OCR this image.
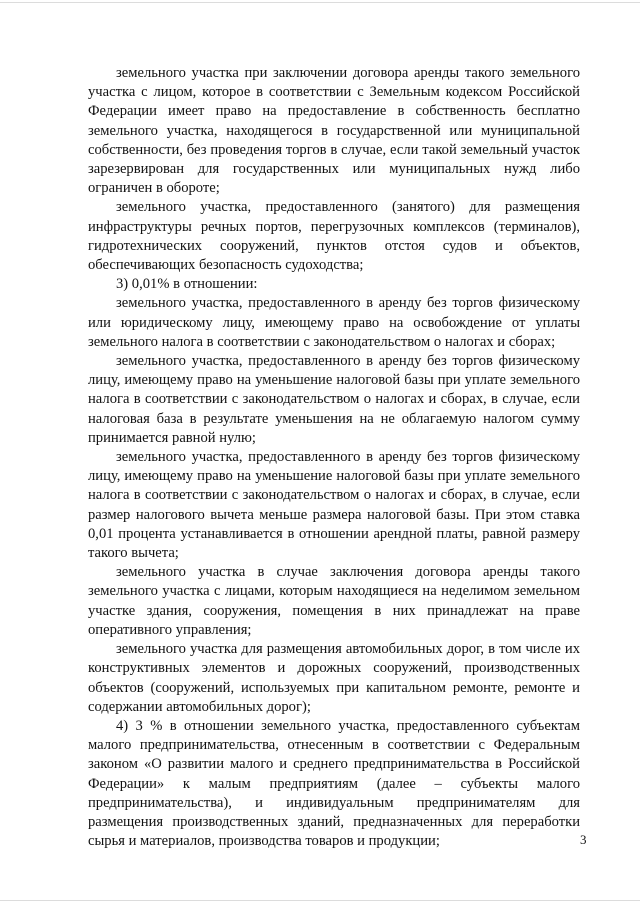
земельного участка при заключении договора аренды такого земельного участка с лицом, которое в соответствии с Земельным кодексом Российской Федерации имеет право на предоставление в собственность бесплатно земельного участка, находящегося в государственной или муниципальной собственности, без проведения торгов в случае, если такой земельный участок зарезервирован для государственных или муниципальных нужд либо ограничен в обороте;

земельного участка, предоставленного (занятого) для размещения инфраструктуры речных портов, перегрузочных комплексов (терминалов), гидротехнических сооружений, пунктов отстоя судов и объектов, обеспечивающих безопасность судоходства;

3) 0,01% в отношении:

земельного участка, предоставленного в аренду без торгов физическому или юридическому лицу, имеющему право на освобождение от уплаты земельного налога в соответствии с законодательством о налогах и сборах;

земельного участка, предоставленного в аренду без торгов физическому лицу, имеющему право на уменьшение налоговой базы при уплате земельного налога в соответствии с законодательством о налогах и сборах, в случае, если налоговая база в результате уменьшения на не облагаемую налогом сумму принимается равной нулю;

земельного участка, предоставленного в аренду без торгов физическому лицу, имеющему право на уменьшение налоговой базы при уплате земельного налога в соответствии с законодательством о налогах и сборах, в случае, если размер налогового вычета меньше размера налоговой базы. При этом ставка 0,01 процента устанавливается в отношении арендной платы, равной размеру такого вычета;

земельного участка в случае заключения договора аренды такого земельного участка с лицами, которым находящиеся на неделимом земельном участке здания, сооружения, помещения в них принадлежат на праве оперативного управления;

земельного участка для размещения автомобильных дорог, в том числе их конструктивных элементов и дорожных сооружений, производственных объектов (сооружений, используемых при капитальном ремонте, ремонте и содержании автомобильных дорог);

4) 3 % в отношении земельного участка, предоставленного субъектам малого предпринимательства, отнесенным в соответствии с Федеральным законом «О развитии малого и среднего предпринимательства в Российской Федерации» к малым предприятиям (далее – субъекты малого предпринимательства), и индивидуальным предпринимателям для размещения производственных зданий, предназначенных для переработки сырья и материалов, производства товаров и продукции;	3
